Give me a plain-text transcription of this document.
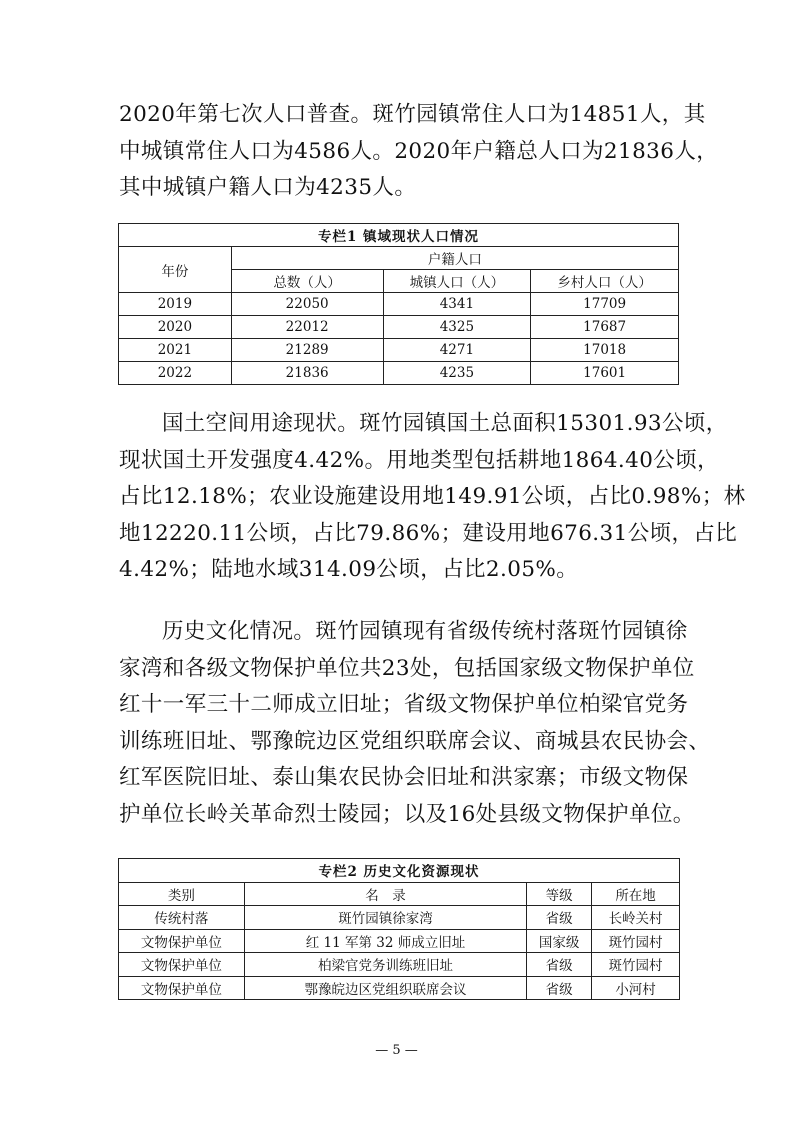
2020年第七次人口普查。斑竹园镇常住人口为14851人，其
中城镇常住人口为4586人。2020年户籍总人口为21836人，
其中城镇户籍人口为4235人。

专栏1 镇域现状人口情况			
年份	户籍人口		
	总数（人）	城镇人口（人）	乡村人口（人）
2019	22050	4341	17709
2020	22012	4325	17687
2021	21289	4271	17018
2022	21836	4235	17601

国土空间用途现状。斑竹园镇国土总面积15301.93公顷，
现状国土开发强度4.42%。用地类型包括耕地1864.40公顷，
占比12.18%；农业设施建设用地149.91公顷，占比0.98%；林
地12220.11公顷，占比79.86%；建设用地676.31公顷，占比
4.42%；陆地水域314.09公顷，占比2.05%。

历史文化情况。斑竹园镇现有省级传统村落斑竹园镇徐
家湾和各级文物保护单位共23处，包括国家级文物保护单位
红十一军三十二师成立旧址；省级文物保护单位柏梁官党务
训练班旧址、鄂豫皖边区党组织联席会议、商城县农民协会、
红军医院旧址、泰山集农民协会旧址和洪家寨；市级文物保
护单位长岭关革命烈士陵园；以及16处县级文物保护单位。

专栏2 历史文化资源现状			
类别	名　录	等级	所在地
传统村落	斑竹园镇徐家湾	省级	长岭关村
文物保护单位	红 11 军第 32 师成立旧址	国家级	斑竹园村
文物保护单位	柏梁官党务训练班旧址	省级	斑竹园村
文物保护单位	鄂豫皖边区党组织联席会议	省级	小河村
— 5 —
